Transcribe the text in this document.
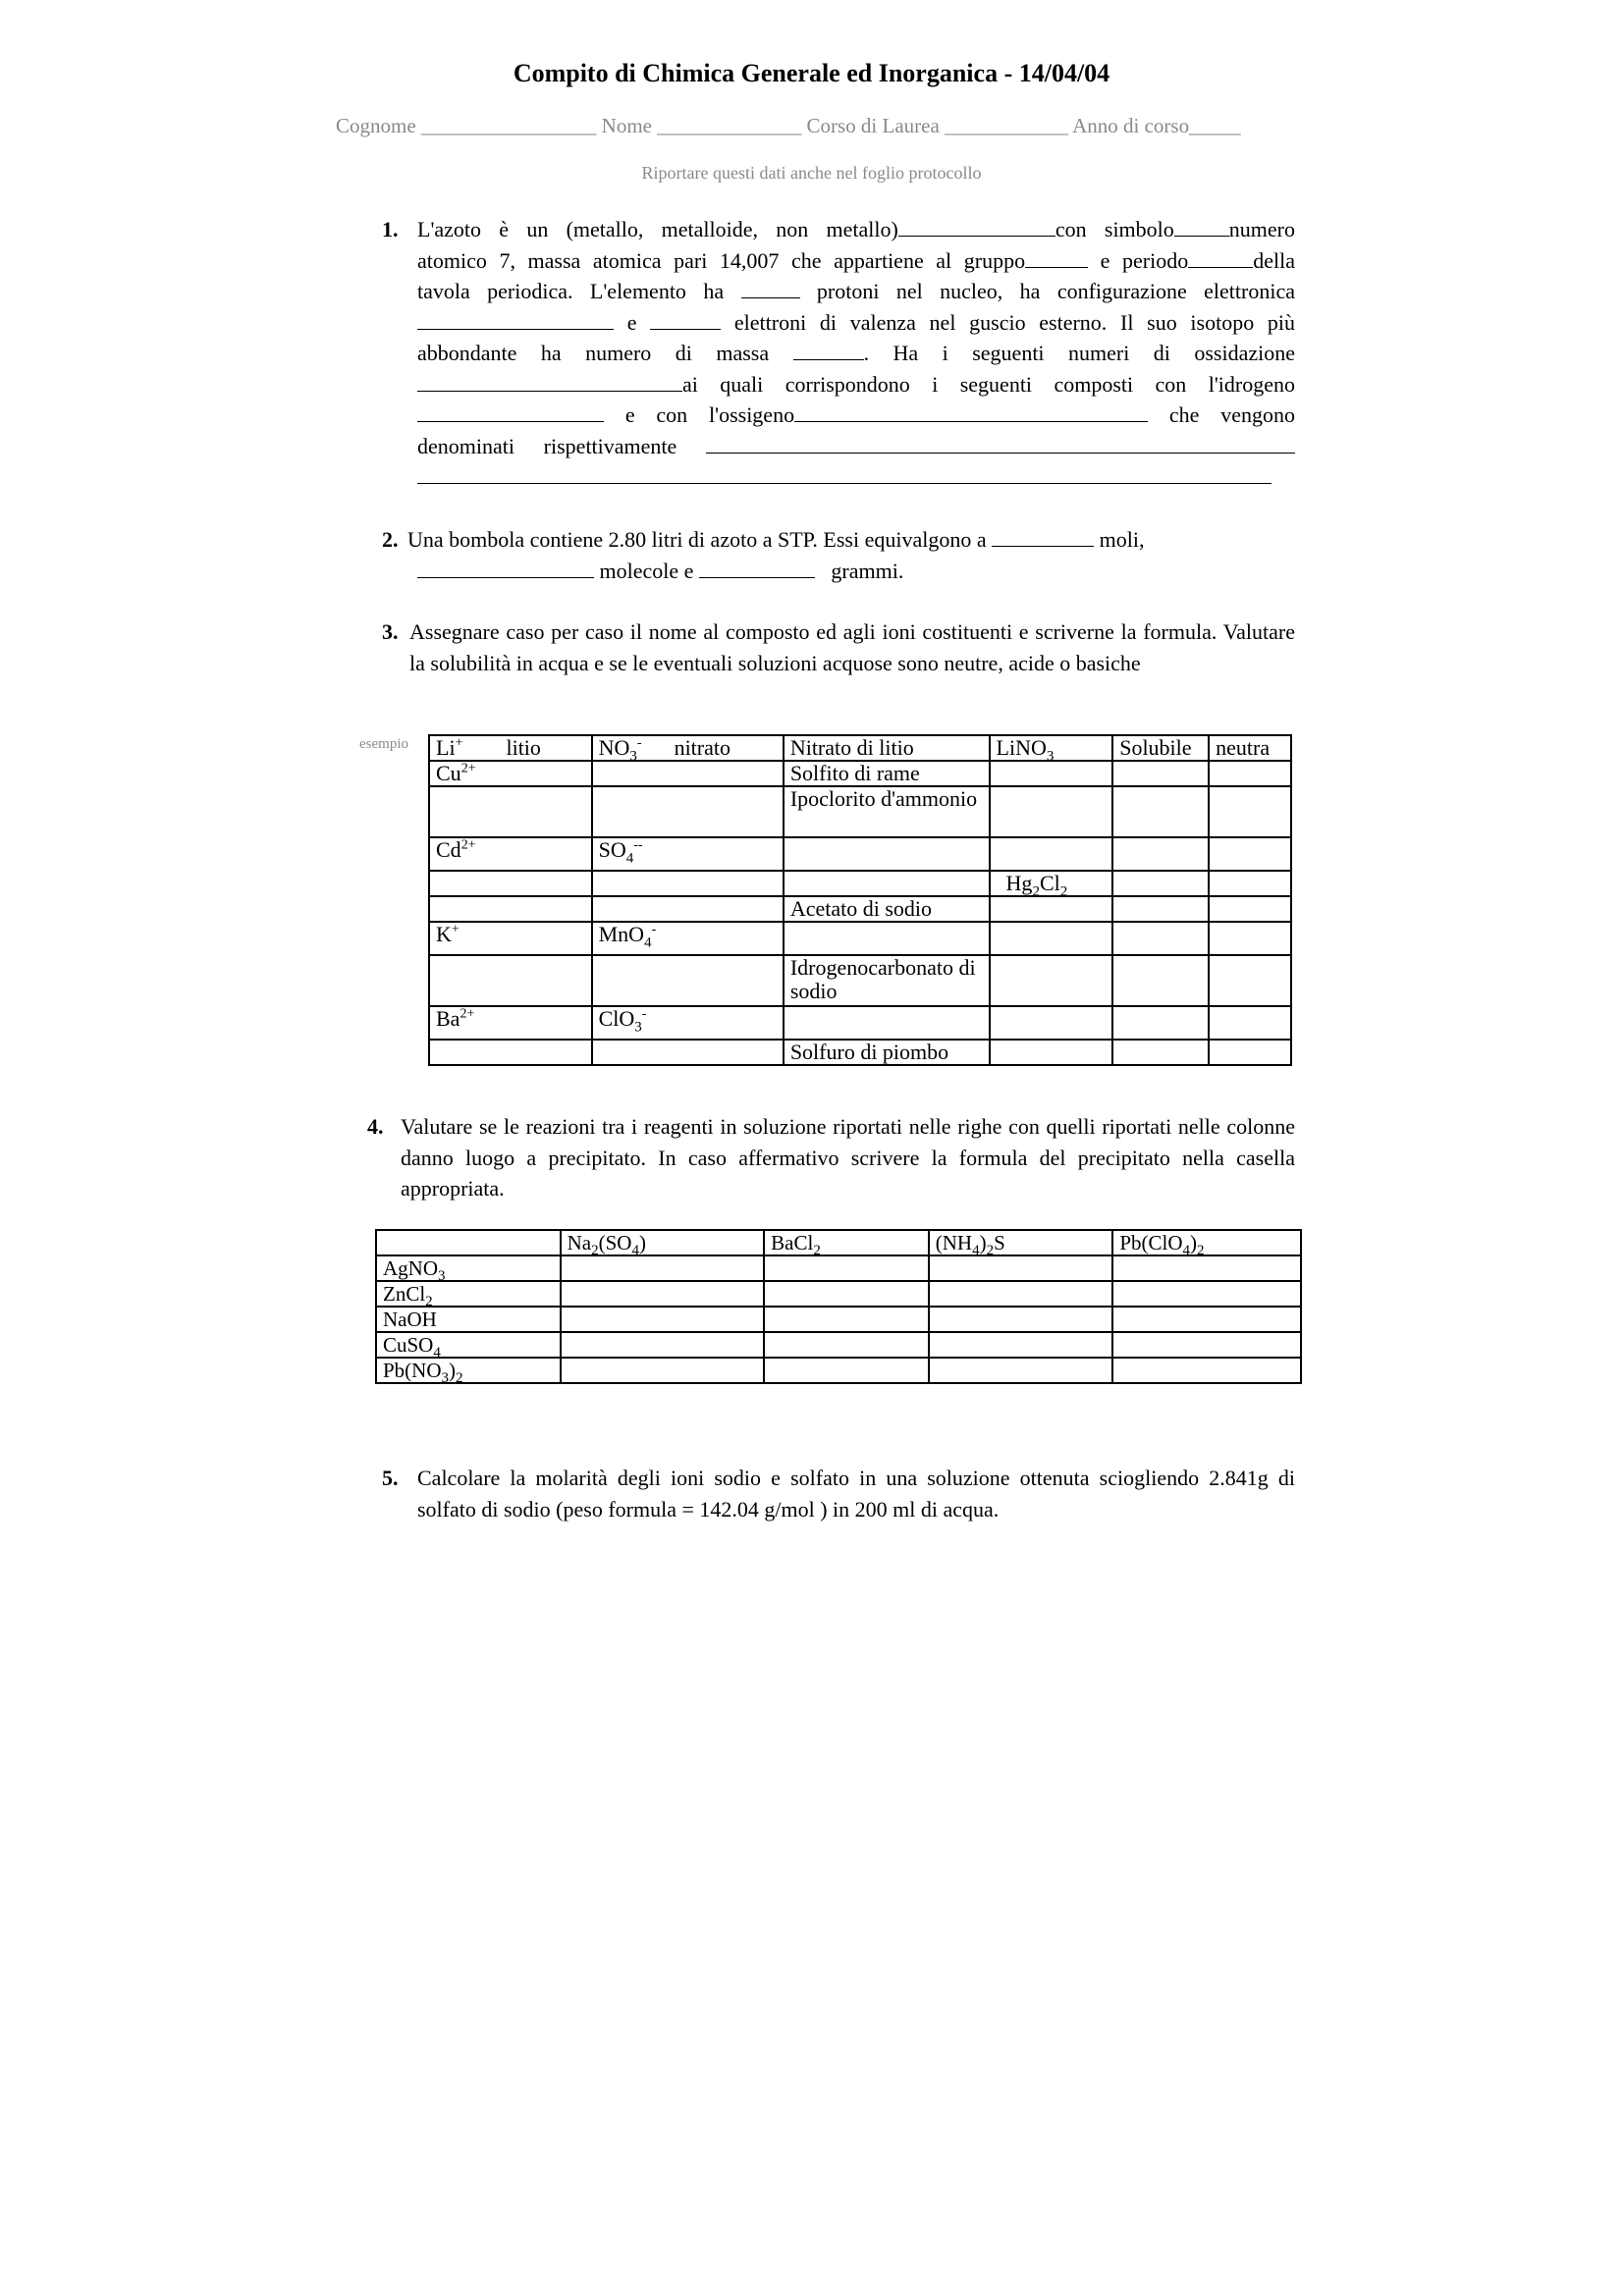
Compito di Chimica Generale ed Inorganica - 14/04/04
Cognome _________________ Nome ______________ Corso di Laurea ____________ Anno di corso_____
Riportare questi dati anche nel foglio protocollo
1. L'azoto è un (metallo, metalloide, non metallo)	con simbolo	numero
atomico 7, massa atomica pari 14,007 che appartiene al gruppo	e periodo	della
tavola periodica. L'elemento ha	protoni nel nucleo, ha configurazione elettronica
e	elettroni di valenza nel guscio esterno. Il suo isotopo più
abbondante ha numero di massa	. Ha i seguenti numeri di ossidazione
ai quali corrispondono i seguenti composti con l'idrogeno
e con l'ossigeno	che vengono
denominati rispettivamente
2. Una bombola contiene 2.80 litri di azoto a STP. Essi equivalgono a	moli,
molecole e	grammi.
3. Assegnare caso per caso il nome al composto ed agli ioni costituenti e scriverne la formula. Valutare la solubilità in acqua e se le eventuali soluzioni acquose sono neutre, acide o basiche
esempio Li+ litio	$NO_3^-$ nitrato	Nitrato di litio	LiNO$_3$	Solubile	neutra
$Cu^{2+}$		Solfito di rame			
		Ipoclorito d'ammonio			
$Cd^{2+}$	$SO_4^{--}$				
			$Hg_2Cl_2$		
		Acetato di sodio			
K+	MnO$_4$-				
		Idrogenocarbonato di sodio			
$Ba^{2+}$	ClO$_3$-				
		Solfuro di piombo			
4. Valutare se le reazioni tra i reagenti in soluzione riportati nelle righe con quelli riportati nelle colonne danno luogo a precipitato. In caso affermativo scrivere la formula del precipitato nella casella appropriata.
	$Na_2(SO_4)$	BaCl$_2$	$(NH_4)_2S$	$Pb(ClO_4)_2$
AgNO$_3$				
ZnCl$_2$				
NaOH				
CuSO$_4$				
$Pb(NO_3)_2$				
5. Calcolare la molarità degli ioni sodio e solfato in una soluzione ottenuta sciogliendo 2.841g di solfato di sodio (peso formula = 142.04 g/mol ) in 200 ml di acqua.
